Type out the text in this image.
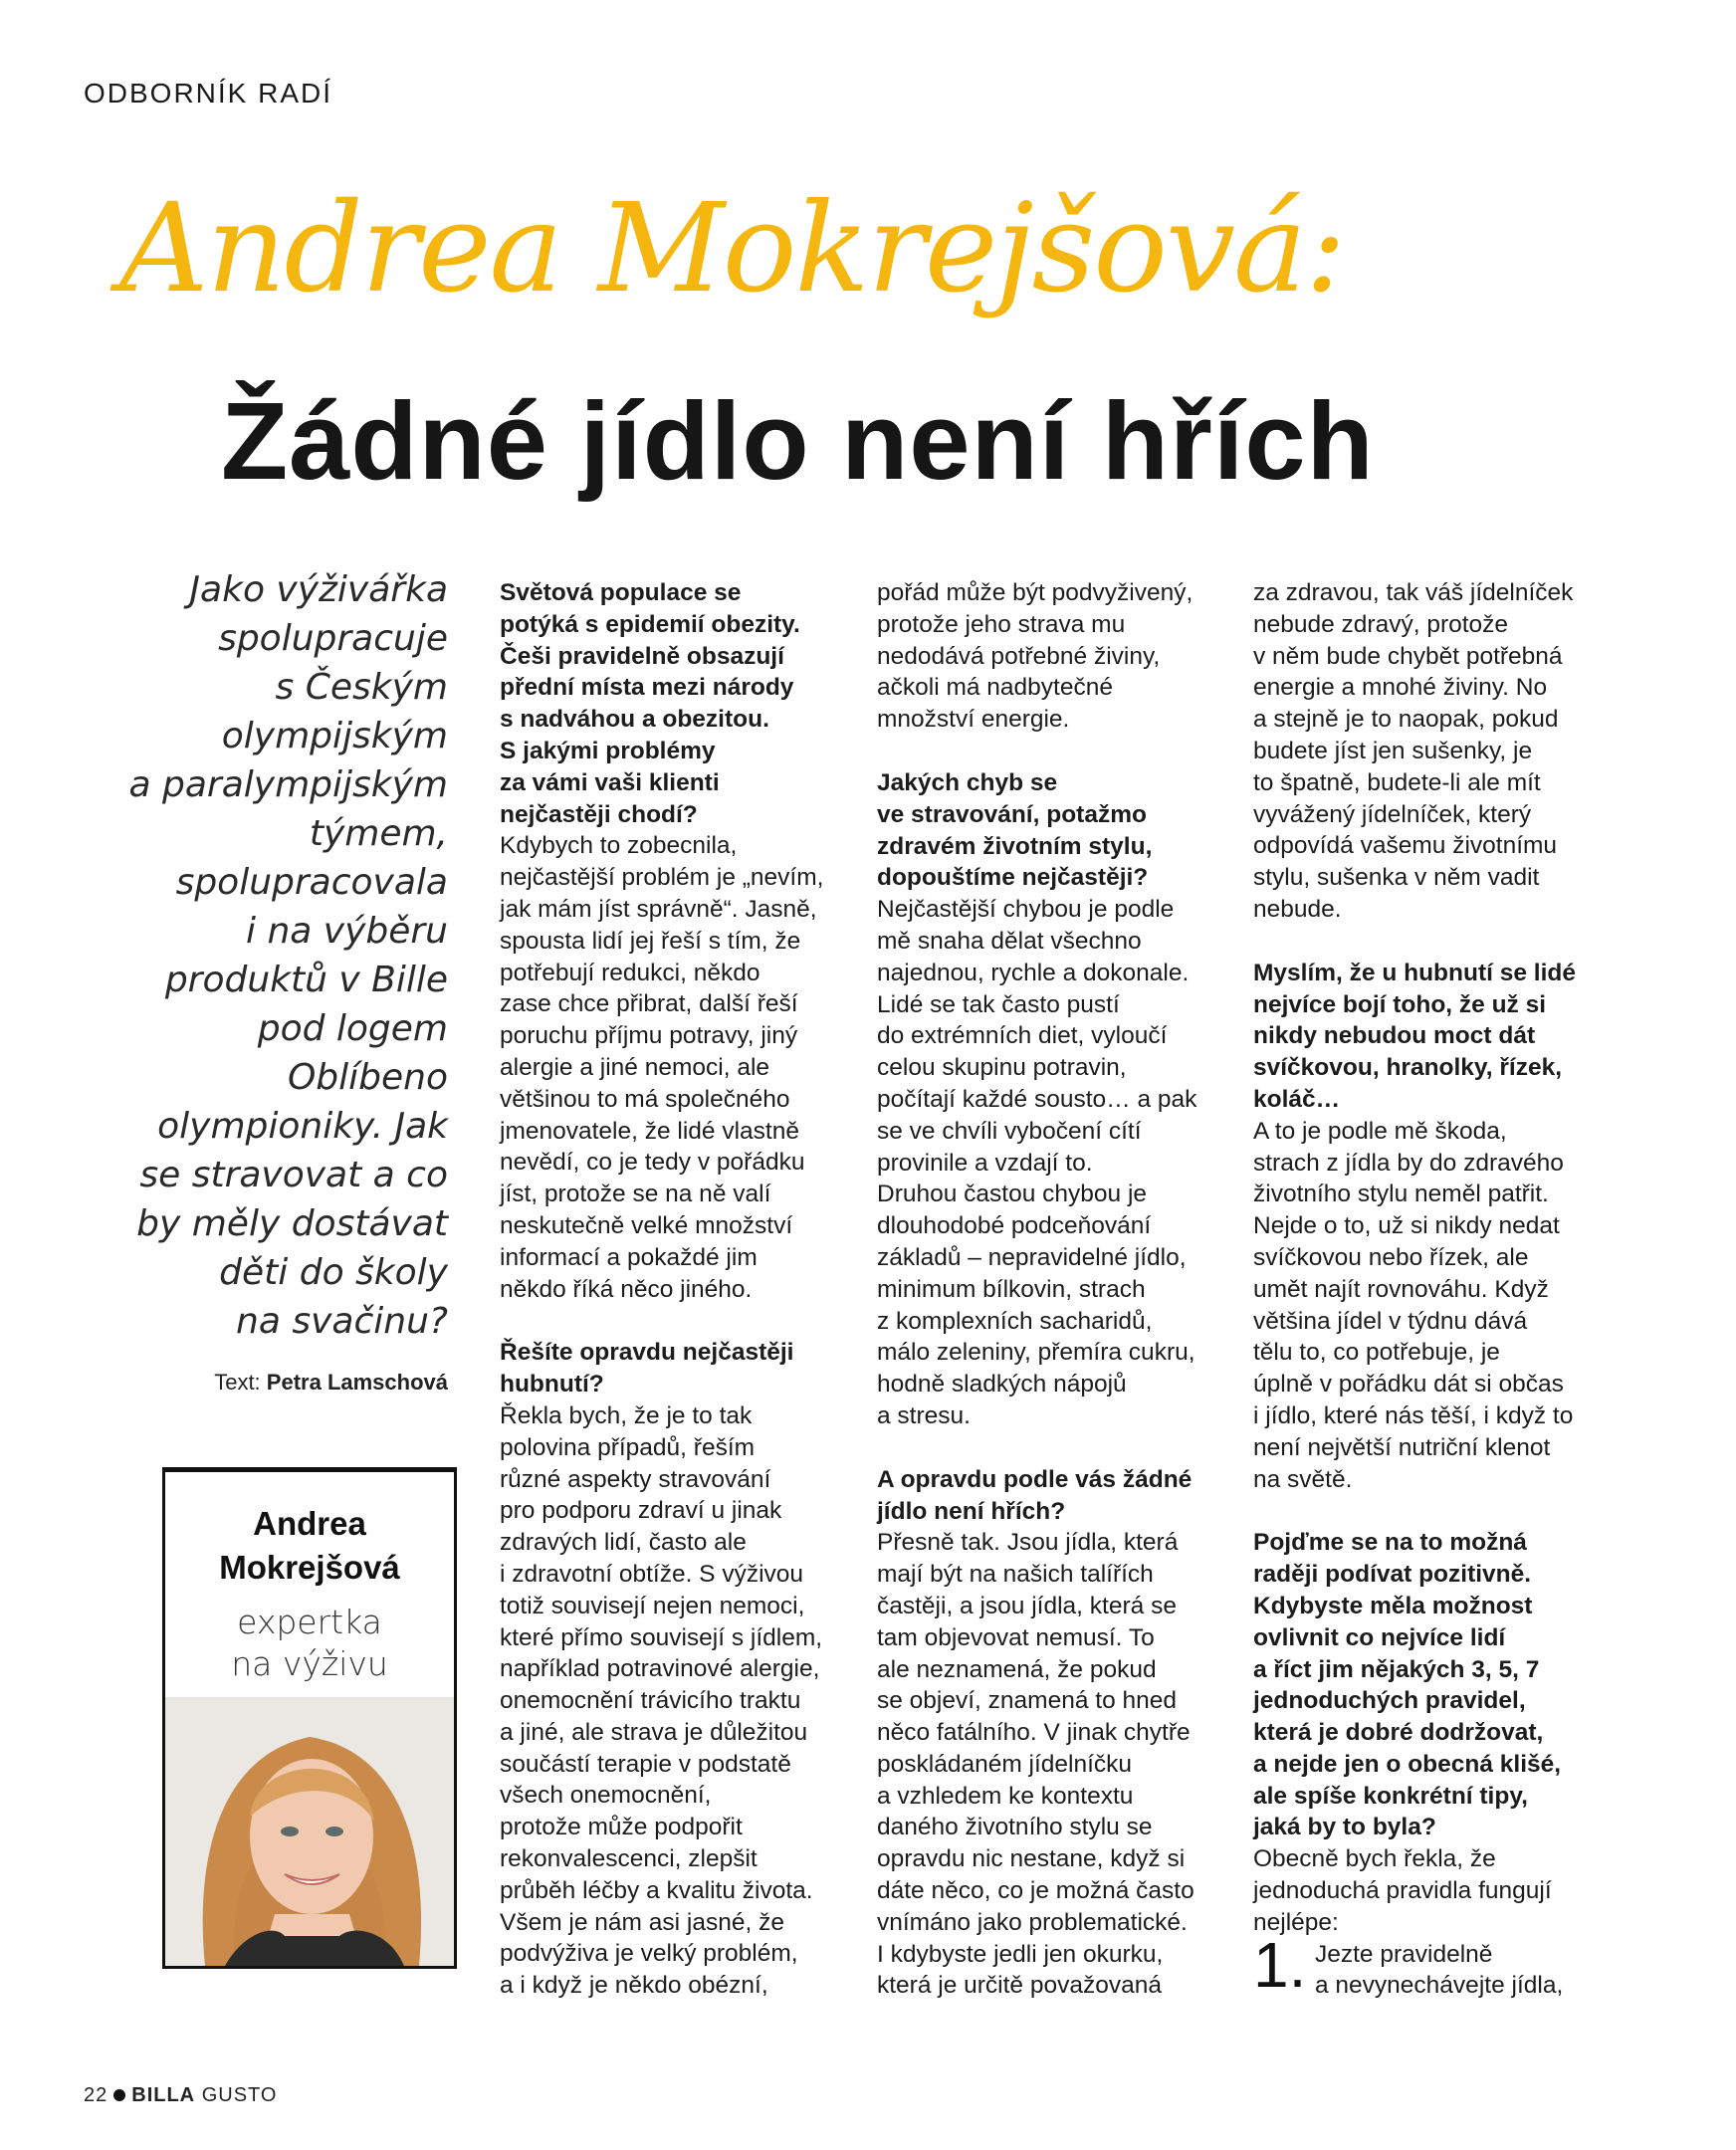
ODBORNÍK RADÍ
Andrea Mokrejšová:
Žádné jídlo není hřích
Jako výživářka
spolupracuje
s Českým
olympijským
a paralympijským
týmem,
spolupracovala
i na výběru
produktů v Bille
pod logem
Oblíbeno
olympioniky. Jak
se stravovat a co
by měly dostávat
děti do školy
na svačinu?
Text: Petra Lamschová
Andrea
Mokrejšová
expertka
na výživu

Světová populace se
potýká s epidemií obezity.
Češi pravidelně obsazují
přední místa mezi národy
s nadváhou a obezitou.
S jakými problémy
za vámi vaši klienti
nejčastěji chodí?

Kdybych to zobecnila,
nejčastější problém je „nevím,
jak mám jíst správně“. Jasně,
spousta lidí jej řeší s tím, že
potřebují redukci, někdo
zase chce přibrat, další řeší
poruchu příjmu potravy, jiný
alergie a jiné nemoci, ale
většinou to má společného
jmenovatele, že lidé vlastně
nevědí, co je tedy v pořádku
jíst, protože se na ně valí
neskutečně velké množství
informací a pokaždé jim
někdo říká něco jiného.

Řešíte opravdu nejčastěji
hubnutí?

Řekla bych, že je to tak
polovina případů, řeším
různé aspekty stravování
pro podporu zdraví u jinak
zdravých lidí, často ale
i zdravotní obtíže. S výživou
totiž souvisejí nejen nemoci,
které přímo souvisejí s jídlem,
například potravinové alergie,
onemocnění trávicího traktu
a jiné, ale strava je důležitou
součástí terapie v podstatě
všech onemocnění,
protože může podpořit
rekonvalescenci, zlepšit
průběh léčby a kvalitu života.
Všem je nám asi jasné, že
podvýživa je velký problém,
a i když je někdo obézní,

pořád může být podvyživený,
protože jeho strava mu
nedodává potřebné živiny,
ačkoli má nadbytečné
množství energie.

Jakých chyb se
ve stravování, potažmo
zdravém životním stylu,
dopouštíme nejčastěji?

Nejčastější chybou je podle
mě snaha dělat všechno
najednou, rychle a dokonale.
Lidé se tak často pustí
do extrémních diet, vyloučí
celou skupinu potravin,
počítají každé sousto… a pak
se ve chvíli vybočení cítí
provinile a vzdají to.
Druhou častou chybou je
dlouhodobé podceňování
základů – nepravidelné jídlo,
minimum bílkovin, strach
z komplexních sacharidů,
málo zeleniny, přemíra cukru,
hodně sladkých nápojů
a stresu.

A opravdu podle vás žádné
jídlo není hřích?

Přesně tak. Jsou jídla, která
mají být na našich talířích
častěji, a jsou jídla, která se
tam objevovat nemusí. To
ale neznamená, že pokud
se objeví, znamená to hned
něco fatálního. V jinak chytře
poskládaném jídelníčku
a vzhledem ke kontextu
daného životního stylu se
opravdu nic nestane, když si
dáte něco, co je možná často
vnímáno jako problematické.
I kdybyste jedli jen okurku,
která je určitě považovaná

za zdravou, tak váš jídelníček
nebude zdravý, protože
v něm bude chybět potřebná
energie a mnohé živiny. No
a stejně je to naopak, pokud
budete jíst jen sušenky, je
to špatně, budete-li ale mít
vyvážený jídelníček, který
odpovídá vašemu životnímu
stylu, sušenka v něm vadit
nebude.

Myslím, že u hubnutí se lidé
nejvíce bojí toho, že už si
nikdy nebudou moct dát
svíčkovou, hranolky, řízek,
koláč…

A to je podle mě škoda,
strach z jídla by do zdravého
životního stylu neměl patřit.
Nejde o to, už si nikdy nedat
svíčkovou nebo řízek, ale
umět najít rovnováhu. Když
většina jídel v týdnu dává
tělu to, co potřebuje, je
úplně v pořádku dát si občas
i jídlo, které nás těší, i když to
není největší nutriční klenot
na světě.

Pojďme se na to možná
raději podívat pozitivně.
Kdybyste měla možnost
ovlivnit co nejvíce lidí
a říct jim nějakých 3, 5, 7
jednoduchých pravidel,
která je dobré dodržovat,
a nejde jen o obecná klišé,
ale spíše konkrétní tipy,
jaká by to byla?

Obecně bych řekla, že
jednoduchá pravidla fungují
nejlépe:

1. Jezte pravidelně
a nevynechávejte jídla,
22 BILLA GUSTO
